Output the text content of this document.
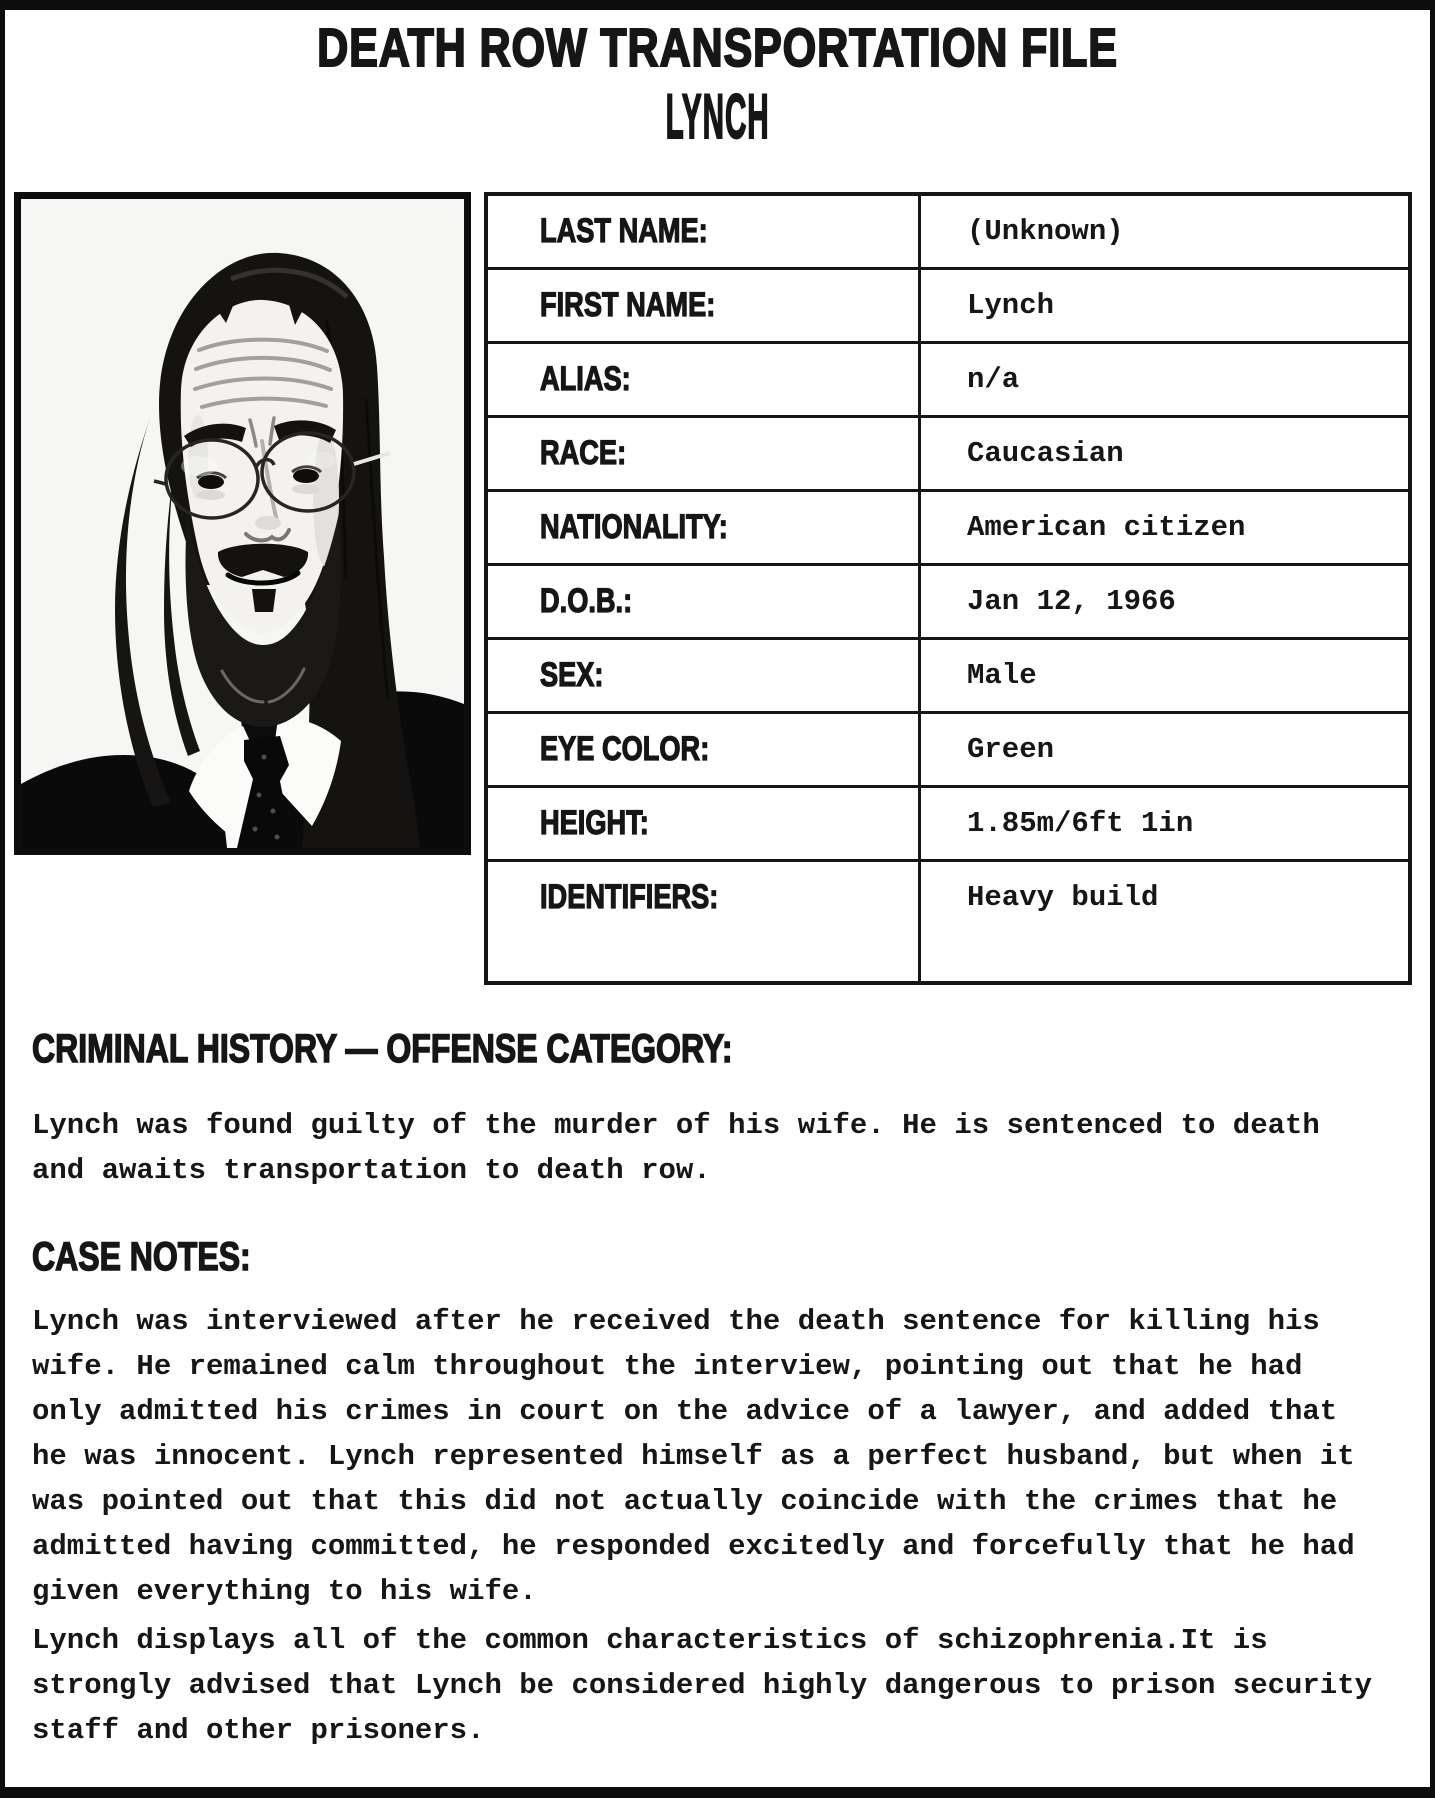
DEATH ROW TRANSPORTATION FILE
LYNCH
LAST NAME:	(Unknown)
FIRST NAME:	Lynch
ALIAS:	n/a
RACE:	Caucasian
NATIONALITY:	American citizen
D.O.B.:	Jan 12, 1966
SEX:	Male
EYE COLOR:	Green
HEIGHT:	1.85m/6ft 1in
IDENTIFIERS:	Heavy build
CRIMINAL HISTORY — OFFENSE CATEGORY:

Lynch was found guilty of the murder of his wife. He is sentenced to death and awaits transportation to death row.

CASE NOTES:

Lynch was interviewed after he received the death sentence for killing his wife. He remained calm throughout the interview, pointing out that he had only admitted his crimes in court on the advice of a lawyer, and added that he was innocent. Lynch represented himself as a perfect husband, but when it was pointed out that this did not actually coincide with the crimes that he admitted having committed, he responded excitedly and forcefully that he had given everything to his wife.

Lynch displays all of the common characteristics of schizophrenia.It is strongly advised that Lynch be considered highly dangerous to prison security staff and other prisoners.
